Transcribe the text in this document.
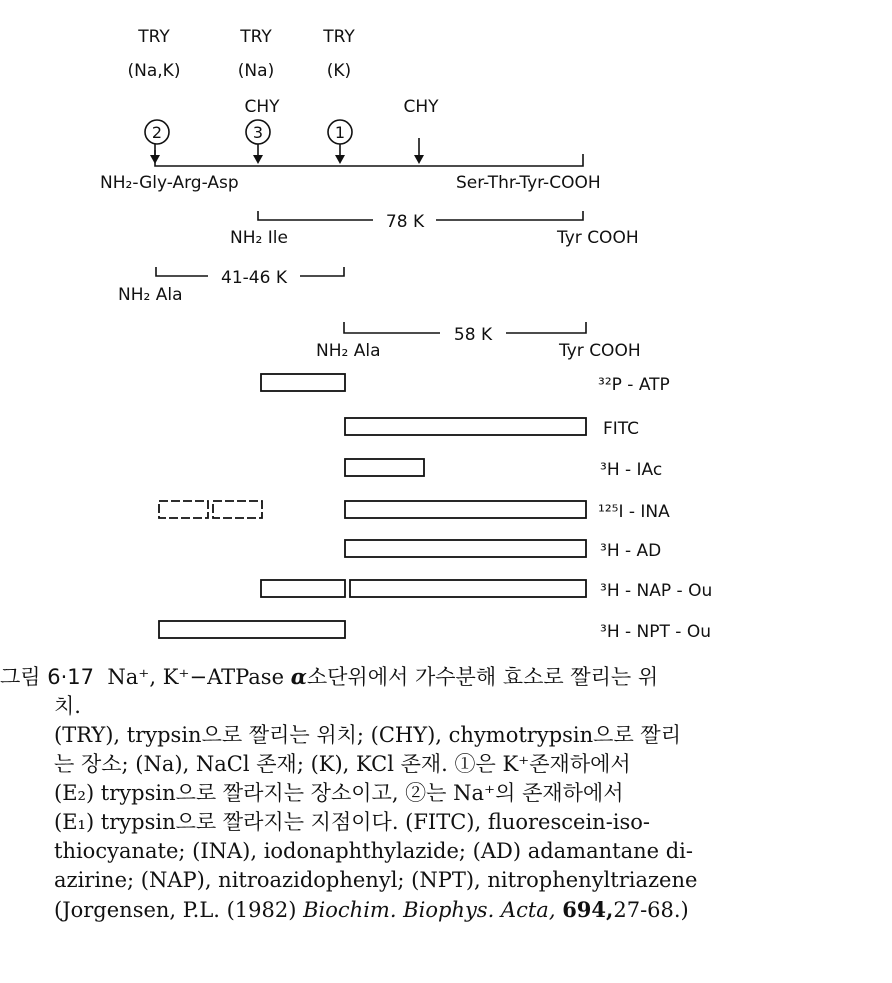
TRY
(Na,K)
TRY
(Na)
TRY
(K)
CHY	CHY
2	3	1
NH₂-Gly-Arg-Asp	Ser-Thr-Tyr-COOH
NH₂ Ile
78 K
Tyr COOH
NH₂ Ala
41-46 K
NH₂ Ala
58 K
Tyr COOH
³²P - ATP
FITC
³H - IAc
¹²⁵I - INA
³H - AD
³H - NAP - Ou
³H - NPT - Ou
그림 6·17 Na⁺, K⁺−ATPase α소단위에서 가수분해 효소로 짤리는 위
치.
(TRY), trypsin으로 짤리는 위치; (CHY), chymotrypsin으로 짤리
는 장소; (Na), NaCl 존재; (K), KCl 존재. ①은 K⁺존재하에서
(E₂) trypsin으로 짤라지는 장소이고, ②는 Na⁺의 존재하에서
(E₁) trypsin으로 짤라지는 지점이다. (FITC), fluorescein-iso-
thiocyanate; (INA), iodonaphthylazide; (AD) adamantane di-
azirine; (NAP), nitroazidophenyl; (NPT), nitrophenyltriazene
(Jorgensen, P.L. (1982) Biochim. Biophys. Acta, 694,27-68.)
